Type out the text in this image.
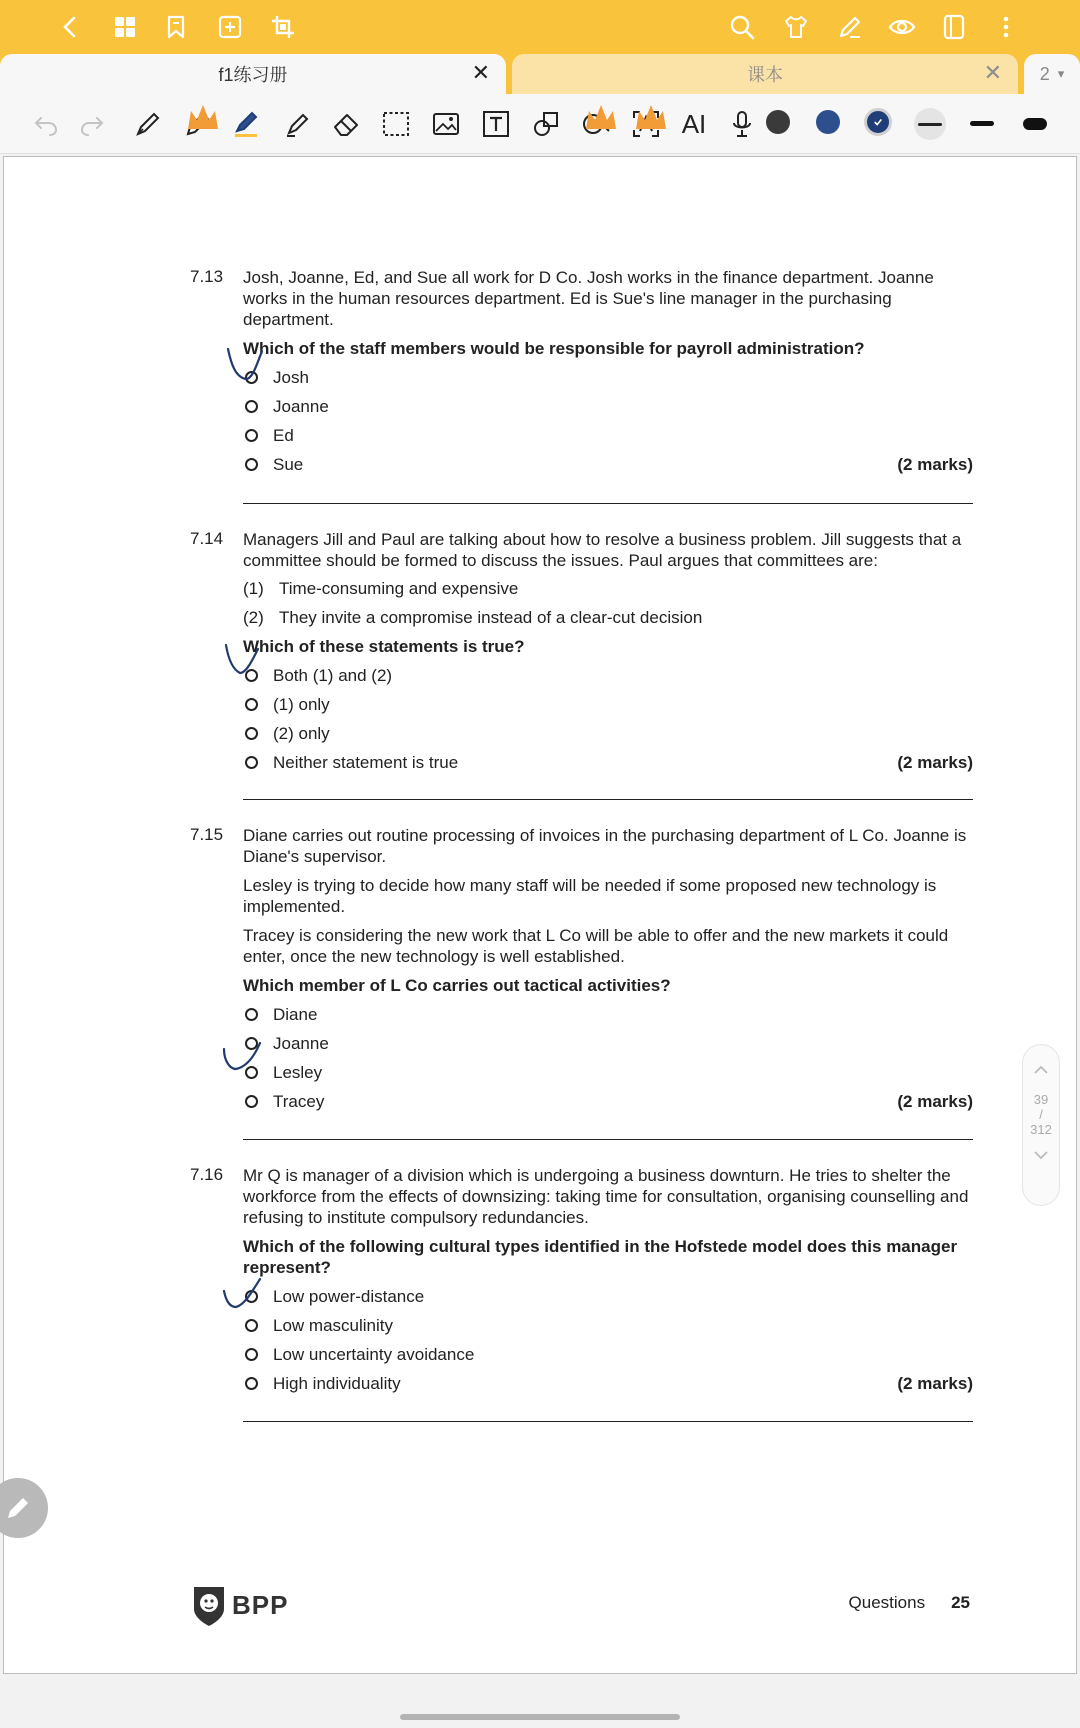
f1练习册	✕	课本	✕ 2 ▾
AI
7.13 Josh, Joanne, Ed, and Sue all work for D Co. Josh works in the finance department. Joanne works in the human resources department. Ed is Sue's line manager in the purchasing department.

Which of the staff members would be responsible for payroll administration?

Josh
Joanne
Ed
Sue	(2 marks)
7.14 Managers Jill and Paul are talking about how to resolve a business problem. Jill suggests that a committee should be formed to discuss the issues. Paul argues that committees are:

(1) Time-consuming and expensive
(2) They invite a compromise instead of a clear-cut decision

Which of these statements is true?

Both (1) and (2)
(1) only
(2) only
Neither statement is true	(2 marks)
7.15 Diane carries out routine processing of invoices in the purchasing department of L Co. Joanne is Diane's supervisor.

Lesley is trying to decide how many staff will be needed if some proposed new technology is implemented.

Tracey is considering the new work that L Co will be able to offer and the new markets it could enter, once the new technology is well established.

Which member of L Co carries out tactical activities?

Diane
Joanne
Lesley
Tracey	(2 marks)
7.16 Mr Q is manager of a division which is undergoing a business downturn. He tries to shelter the workforce from the effects of downsizing: taking time for consultation, organising counselling and refusing to institute compulsory redundancies.

Which of the following cultural types identified in the Hofstede model does this manager represent?

Low power-distance
Low masculinity
Low uncertainty avoidance
High individuality	(2 marks)
BPP	Questions 25
39
/
312
